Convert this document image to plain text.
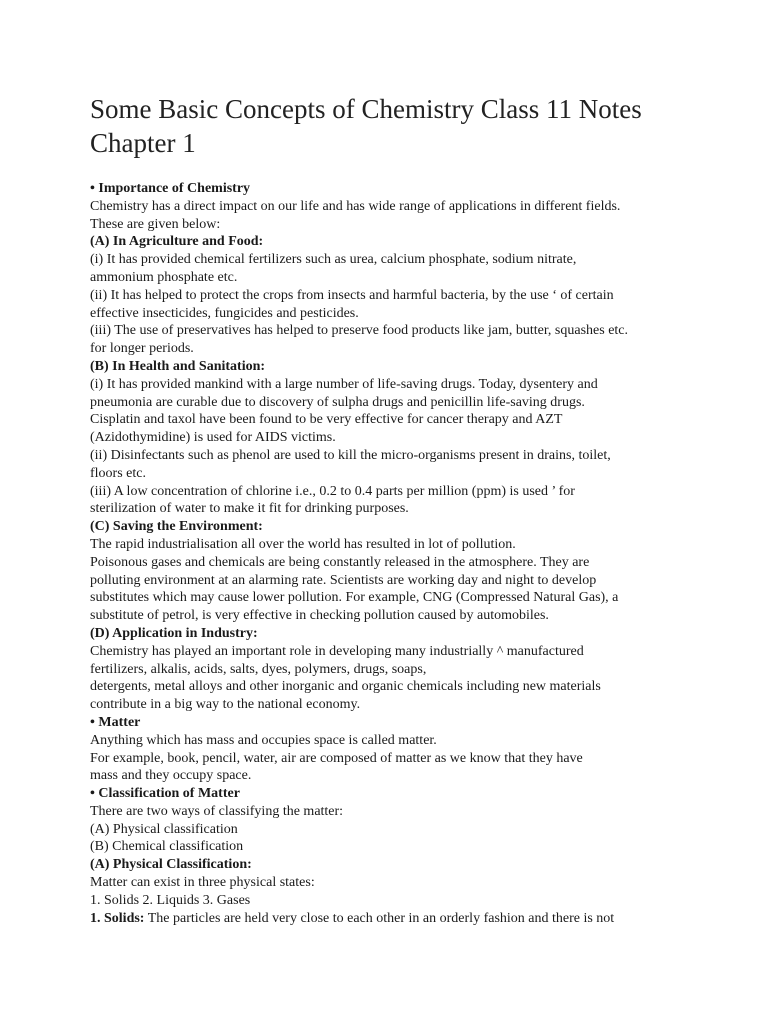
Some Basic Concepts of Chemistry Class 11 Notes
Chapter 1
• Importance of Chemistry
Chemistry has a direct impact on our life and has wide range of applications in different fields.
These are given below:
(A) In Agriculture and Food:
(i) It has provided chemical fertilizers such as urea, calcium phosphate, sodium nitrate,
ammonium phosphate etc.
(ii) It has helped to protect the crops from insects and harmful bacteria, by the use ‘ of certain
effective insecticides, fungicides and pesticides.
(iii) The use of preservatives has helped to preserve food products like jam, butter, squashes etc.
for longer periods.
(B) In Health and Sanitation:
(i) It has provided mankind with a large number of life-saving drugs. Today, dysentery and
pneumonia are curable due to discovery of sulpha drugs and penicillin life-saving drugs.
Cisplatin and taxol have been found to be very effective for cancer therapy and AZT
(Azidothymidine) is used for AIDS victims.
(ii) Disinfectants such as phenol are used to kill the micro-organisms present in drains, toilet,
floors etc.
(iii) A low concentration of chlorine i.e., 0.2 to 0.4 parts per million (ppm) is used ’ for
sterilization of water to make it fit for drinking purposes.
(C) Saving the Environment:
The rapid industrialisation all over the world has resulted in lot of pollution.
Poisonous gases and chemicals are being constantly released in the atmosphere. They are
polluting environment at an alarming rate. Scientists are working day and night to develop
substitutes which may cause lower pollution. For example, CNG (Compressed Natural Gas), a
substitute of petrol, is very effective in checking pollution caused by automobiles.
(D) Application in Industry:
Chemistry has played an important role in developing many industrially ^ manufactured
fertilizers, alkalis, acids, salts, dyes, polymers, drugs, soaps,
detergents, metal alloys and other inorganic and organic chemicals including new materials
contribute in a big way to the national economy.
• Matter
Anything which has mass and occupies space is called matter.
For example, book, pencil, water, air are composed of matter as we know that they have
mass and they occupy space.
• Classification of Matter
There are two ways of classifying the matter:
(A) Physical classification
(B) Chemical classification
(A) Physical Classification:
Matter can exist in three physical states:
1. Solids 2. Liquids 3. Gases
1. Solids: The particles are held very close to each other in an orderly fashion and there is not
